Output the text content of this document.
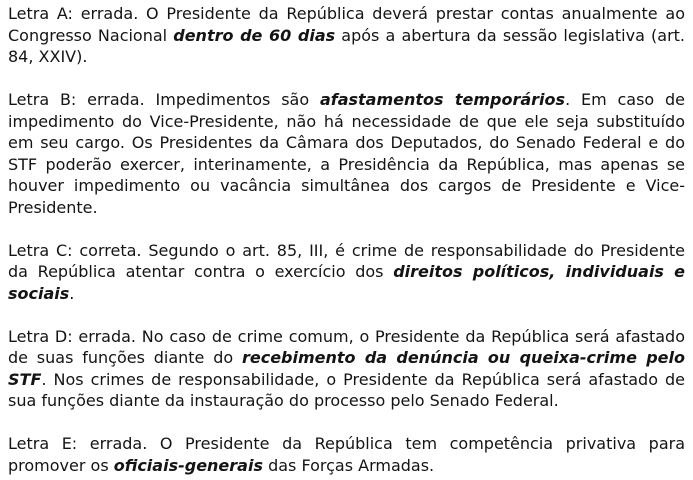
Letra A: errada. O Presidente da República deverá prestar contas anualmente ao Congresso Nacional dentro de 60 dias após a abertura da sessão legislativa (art. 84, XXIV).

Letra B: errada. Impedimentos são afastamentos temporários. Em caso de impedimento do Vice-Presidente, não há necessidade de que ele seja substituído em seu cargo. Os Presidentes da Câmara dos Deputados, do Senado Federal e do STF poderão exercer, interinamente, a Presidência da República, mas apenas se houver impedimento ou vacância simultânea dos cargos de Presidente e Vice-Presidente.

Letra C: correta. Segundo o art. 85, III, é crime de responsabilidade do Presidente da República atentar contra o exercício dos direitos políticos, individuais e sociais.

Letra D: errada. No caso de crime comum, o Presidente da República será afastado de suas funções diante do recebimento da denúncia ou queixa-crime pelo STF. Nos crimes de responsabilidade, o Presidente da República será afastado de sua funções diante da instauração do processo pelo Senado Federal.

Letra E: errada. O Presidente da República tem competência privativa para promover os oficiais-generais das Forças Armadas.
